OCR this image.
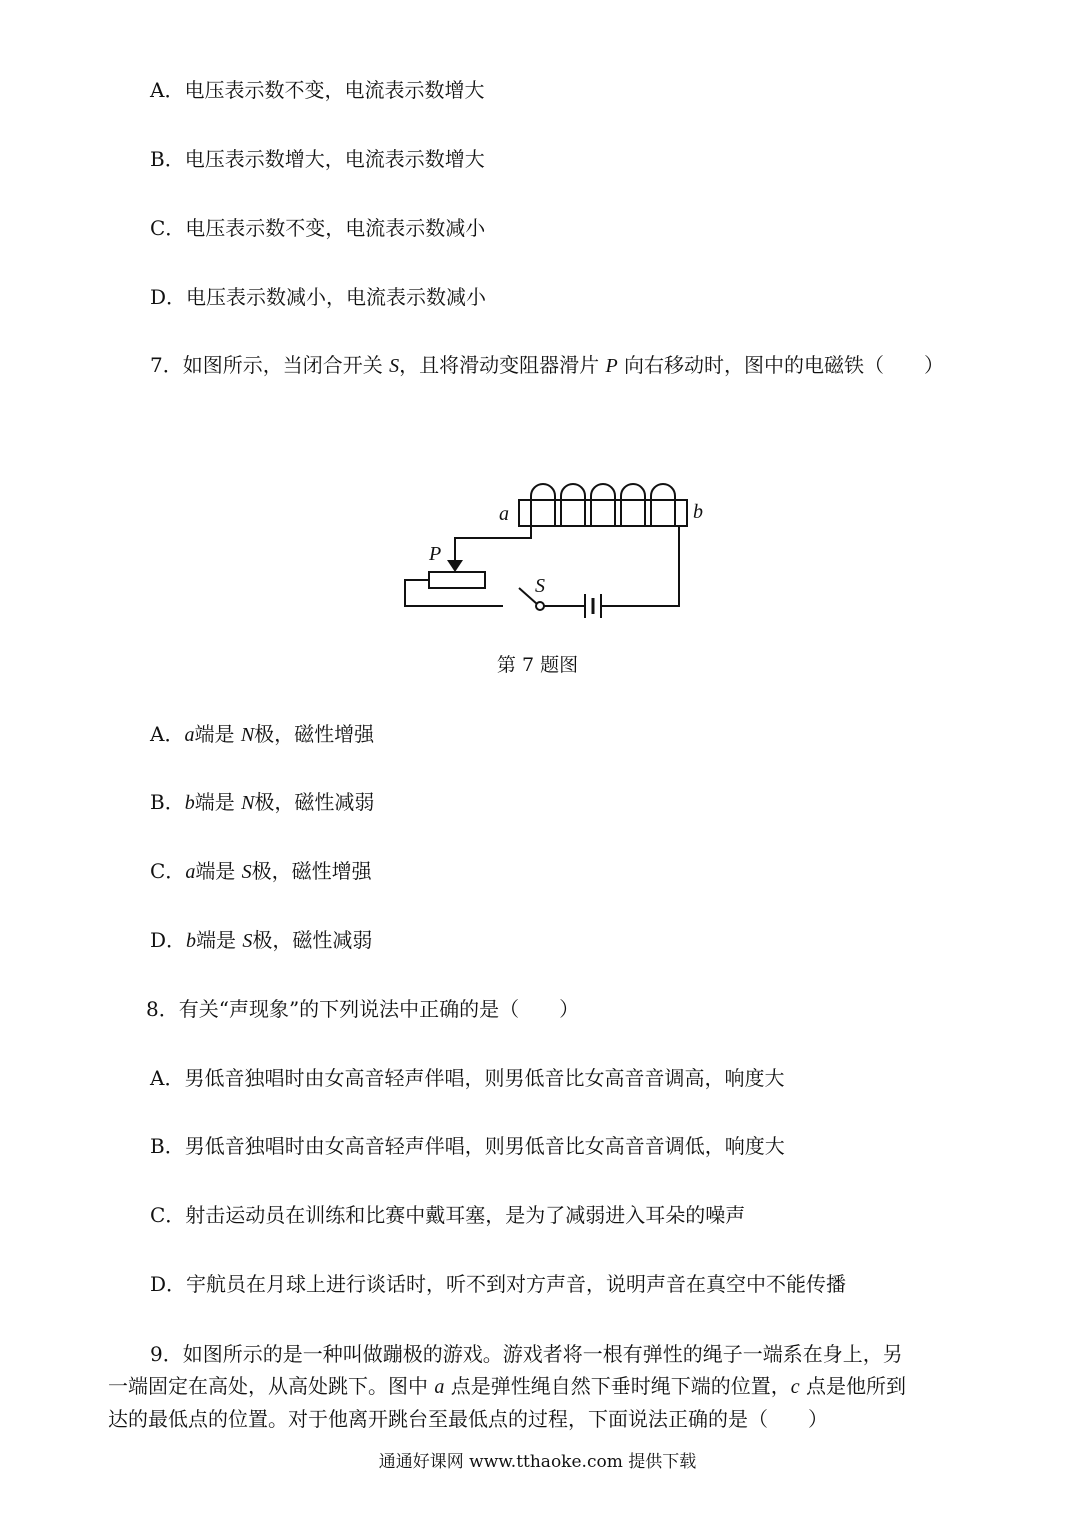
A．电压表示数不变，电流表示数增大
B．电压表示数增大，电流表示数增大
C．电压表示数不变，电流表示数减小
D．电压表示数减小，电流表示数减小
7．如图所示，当闭合开关 S，且将滑动变阻器滑片 P 向右移动时，图中的电磁铁（　　）
a	b
P
S
第 7 题图
A．a端是 N极，磁性增强
B．b端是 N极，磁性减弱
C．a端是 S极，磁性增强
D．b端是 S极，磁性减弱
8．有关“声现象”的下列说法中正确的是（　　）
A．男低音独唱时由女高音轻声伴唱，则男低音比女高音音调高，响度大
B．男低音独唱时由女高音轻声伴唱，则男低音比女高音音调低，响度大
C．射击运动员在训练和比赛中戴耳塞，是为了减弱进入耳朵的噪声
D．宇航员在月球上进行谈话时，听不到对方声音，说明声音在真空中不能传播
9．如图所示的是一种叫做蹦极的游戏。游戏者将一根有弹性的绳子一端系在身上，另
一端固定在高处，从高处跳下。图中 a 点是弹性绳自然下垂时绳下端的位置，c 点是他所到
达的最低点的位置。对于他离开跳台至最低点的过程，下面说法正确的是（　　）
通通好课网 www.tthaoke.com 提供下载
